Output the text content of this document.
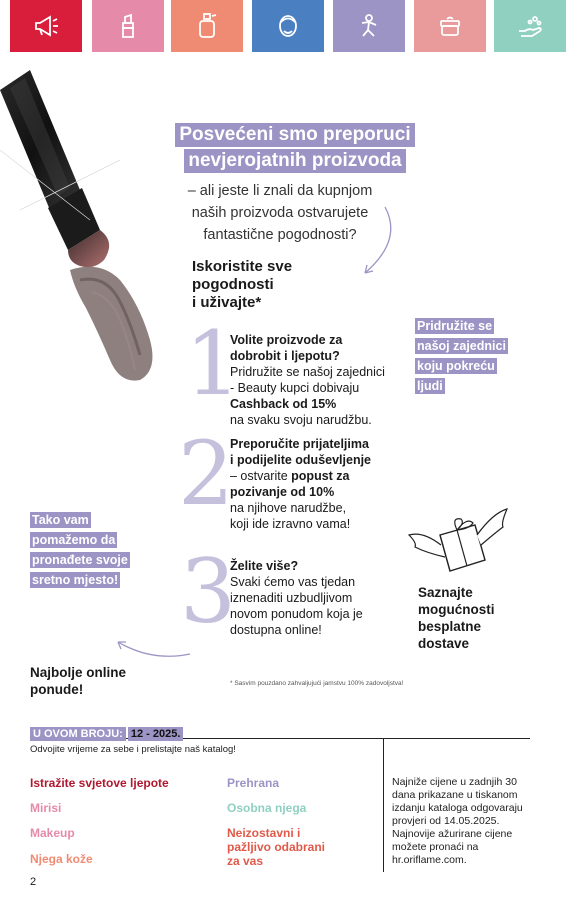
Posvećeni smo preporuci
nevjerojatnih proizvoda
– ali jeste li znali da kupnjom
naših proizvoda ostvarujete
fantastične pogodnosti?
Iskoristite sve
pogodnosti
i uživajte*
1
Volite proizvode za
dobrobit i ljepotu?
Pridružite se našoj zajednici
- Beauty kupci dobivaju
Cashback od 15%
na svaku svoju narudžbu.
Pridružite se
našoj zajednici
koju pokreću
ljudi
2
Preporučite prijateljima
i podijelite oduševljenje
– ostvarite popust za
pozivanje od 10%
na njihove narudžbe,
koji ide izravno vama!
Tako vam
pomažemo da
pronađete svoje
sretno mjesto! 3
Želite više?
Svaki ćemo vas tjedan
iznenaditi uzbudljivom
novom ponudom koja je
dostupna online!
Saznajte
mogućnosti
besplatne
dostave
Najbolje online
ponude!	* Sasvim pouzdano zahvaljujući jamstvu 100% zadovoljstva!
U OVOM BROJU: 12 - 2025.
Odvojite vrijeme za sebe i prelistajte naš katalog!
Istražite svjetove ljepote
Mirisi
Makeup
Njega kože
Prehrana
Osobna njega
Neizostavni i pažljivo odabrani za vas
Najniže cijene u zadnjih 30 dana prikazane u tiskanom izdanju kataloga odgovaraju provjeri od 14.05.2025. Najnovije ažurirane cijene možete pronaći na hr.oriflame.com.
2
